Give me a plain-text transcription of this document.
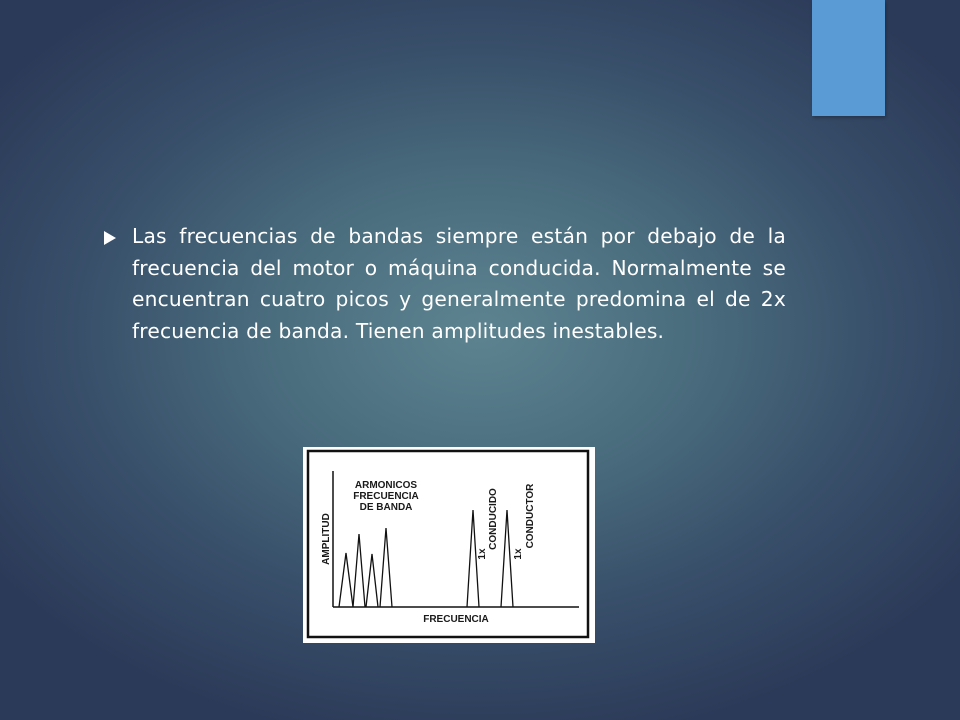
Las frecuencias de bandas siempre están por debajo de la frecuencia del motor o máquina conducida. Normalmente se encuentran cuatro picos y generalmente predomina el de 2x frecuencia de banda. Tienen amplitudes inestables.

AMPLITUD
FRECUENCIA
ARMONICOS
FRECUENCIA
DE BANDA
1x
CONDUCIDO
1x
CONDUCTOR
